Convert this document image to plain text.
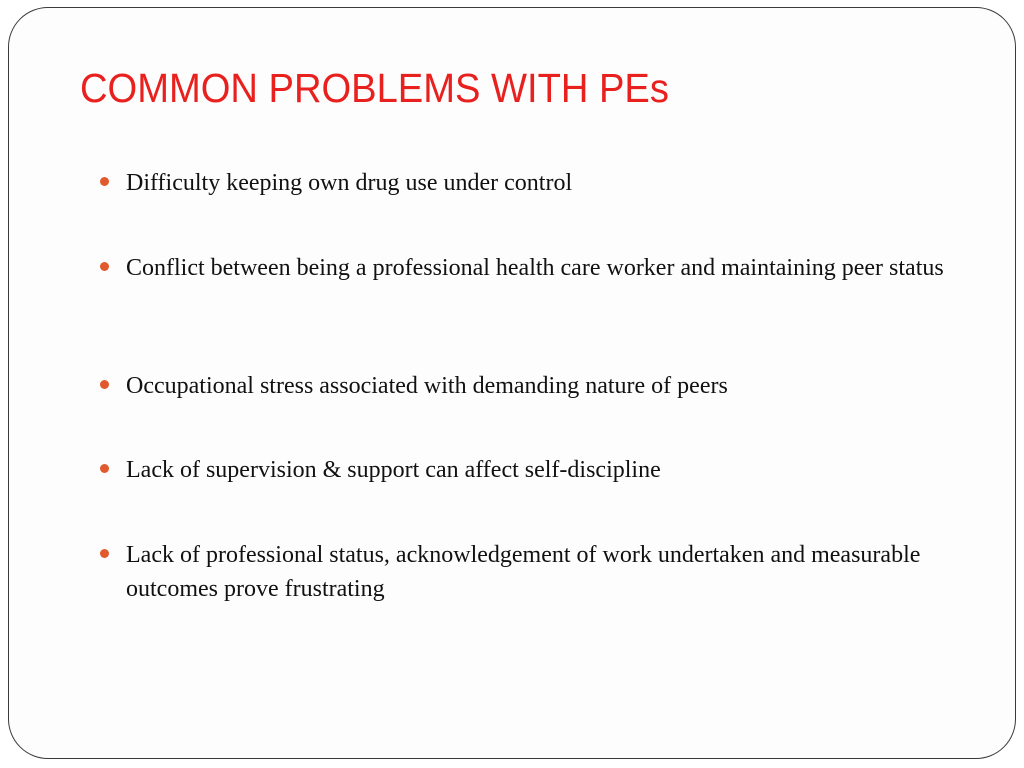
COMMON PROBLEMS WITH PEs
Difficulty keeping own drug use under control
Conflict between being a professional health care worker and maintaining peer status
Occupational stress associated with demanding nature of peers
Lack of supervision & support can affect self-discipline
Lack of professional status, acknowledgement of work undertaken and measurable outcomes prove frustrating
